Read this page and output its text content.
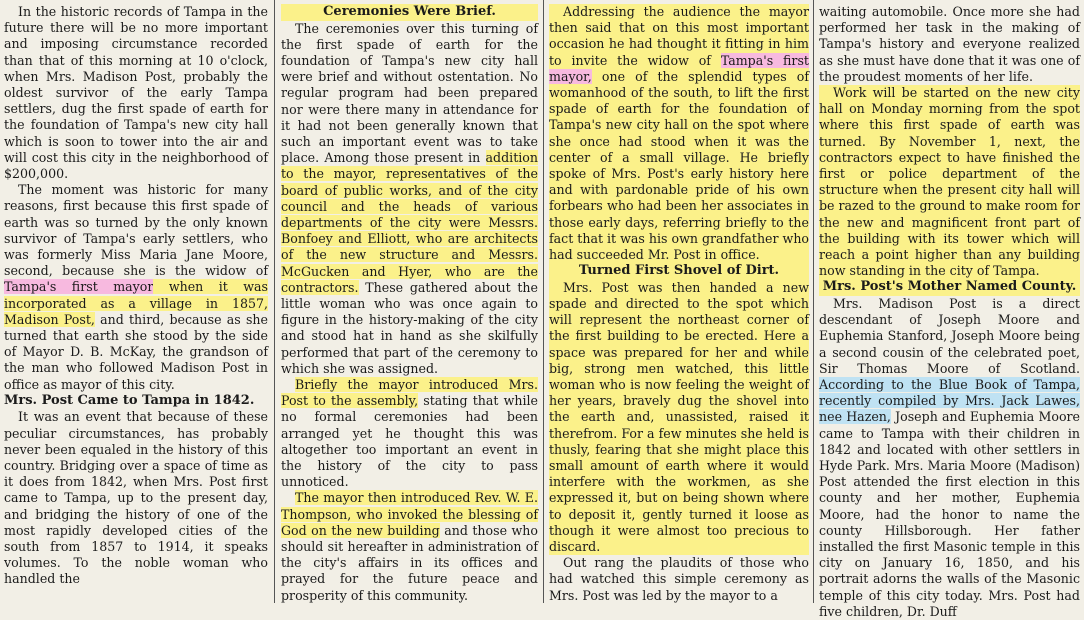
In the historic records of Tampa in the future there will be no more important and imposing circumstance recorded than that of this morning at 10 o'clock, when Mrs. Madison Post, probably the oldest survivor of the early Tampa settlers, dug the first spade of earth for the foundation of Tampa's new city hall which is soon to tower into the air and will cost this city in the neighborhood of $200,000.

The moment was historic for many reasons, first because this first spade of earth was so turned by the only known survivor of Tampa's early settlers, who was formerly Miss Maria Jane Moore, second, because she is the widow of Tampa's first mayor when it was incorporated as a village in 1857, Madison Post, and third, because as she turned that earth she stood by the side of Mayor D. B. McKay, the grandson of the man who followed Madison Post in office as mayor of this city.

Mrs. Post Came to Tampa in 1842.

It was an event that because of these peculiar circumstances, has probably never been equaled in the history of this country. Bridging over a space of time as it does from 1842, when Mrs. Post first came to Tampa, up to the present day, and bridging the history of one of the most rapidly developed cities of the south from 1857 to 1914, it speaks volumes. To the noble woman who handled the

Ceremonies Were Brief.

The ceremonies over this turning of the first spade of earth for the foundation of Tampa's new city hall were brief and without ostentation. No regular program had been prepared nor were there many in attendance for it had not been generally known that such an important event was to take place. Among those present in addition to the mayor, representatives of the board of public works, and of the city council and the heads of various departments of the city were Messrs. Bonfoey and Elliott, who are architects of the new structure and Messrs. McGucken and Hyer, who are the contractors. These gathered about the little woman who was once again to figure in the history-making of the city and stood hat in hand as she skilfully performed that part of the ceremony to which she was assigned.

Briefly the mayor introduced Mrs. Post to the assembly, stating that while no formal ceremonies had been arranged yet he thought this was altogether too important an event in the history of the city to pass unnoticed.

The mayor then introduced Rev. W. E. Thompson, who invoked the blessing of God on the new building and those who should sit hereafter in administration of the city's affairs in its offices and prayed for the future peace and prosperity of this community.

Addressing the audience the mayor then said that on this most important occasion he had thought it fitting in him to invite the widow of Tampa's first mayor, one of the splendid types of womanhood of the south, to lift the first spade of earth for the foundation of Tampa's new city hall on the spot where she once had stood when it was the center of a small village. He briefly spoke of Mrs. Post's early history here and with pardonable pride of his own forbears who had been her associates in those early days, referring briefly to the fact that it was his own grandfather who had succeeded Mr. Post in office.

Turned First Shovel of Dirt.

Mrs. Post was then handed a new spade and directed to the spot which will represent the northeast corner of the first building to be erected. Here a space was prepared for her and while big, strong men watched, this little woman who is now feeling the weight of her years, bravely dug the shovel into the earth and, unassisted, raised it therefrom. For a few minutes she held is thusly, fearing that she might place this small amount of earth where it would interfere with the workmen, as she expressed it, but on being shown where to deposit it, gently turned it loose as though it were almost too precious to discard.

Out rang the plaudits of those who had watched this simple ceremony as Mrs. Post was led by the mayor to a

waiting automobile. Once more she had performed her task in the making of Tampa's history and everyone realized as she must have done that it was one of the proudest moments of her life.

Work will be started on the new city hall on Monday morning from the spot where this first spade of earth was turned. By November 1, next, the contractors expect to have finished the first or police department of the structure when the present city hall will be razed to the ground to make room for the new and magnificent front part of the building with its tower which will reach a point higher than any building now standing in the city of Tampa.

Mrs. Post's Mother Named County.

Mrs. Madison Post is a direct descendant of Joseph Moore and Euphemia Stanford, Joseph Moore being a second cousin of the celebrated poet, Sir Thomas Moore of Scotland. According to the Blue Book of Tampa, recently compiled by Mrs. Jack Lawes, nee Hazen, Joseph and Euphemia Moore came to Tampa with their children in 1842 and located with other settlers in Hyde Park. Mrs. Maria Moore (Madison) Post attended the first election in this county and her mother, Euphemia Moore, had the honor to name the county Hillsborough. Her father installed the first Masonic temple in this city on January 16, 1850, and his portrait adorns the walls of the Masonic temple of this city today. Mrs. Post had five children, Dr. Duff
